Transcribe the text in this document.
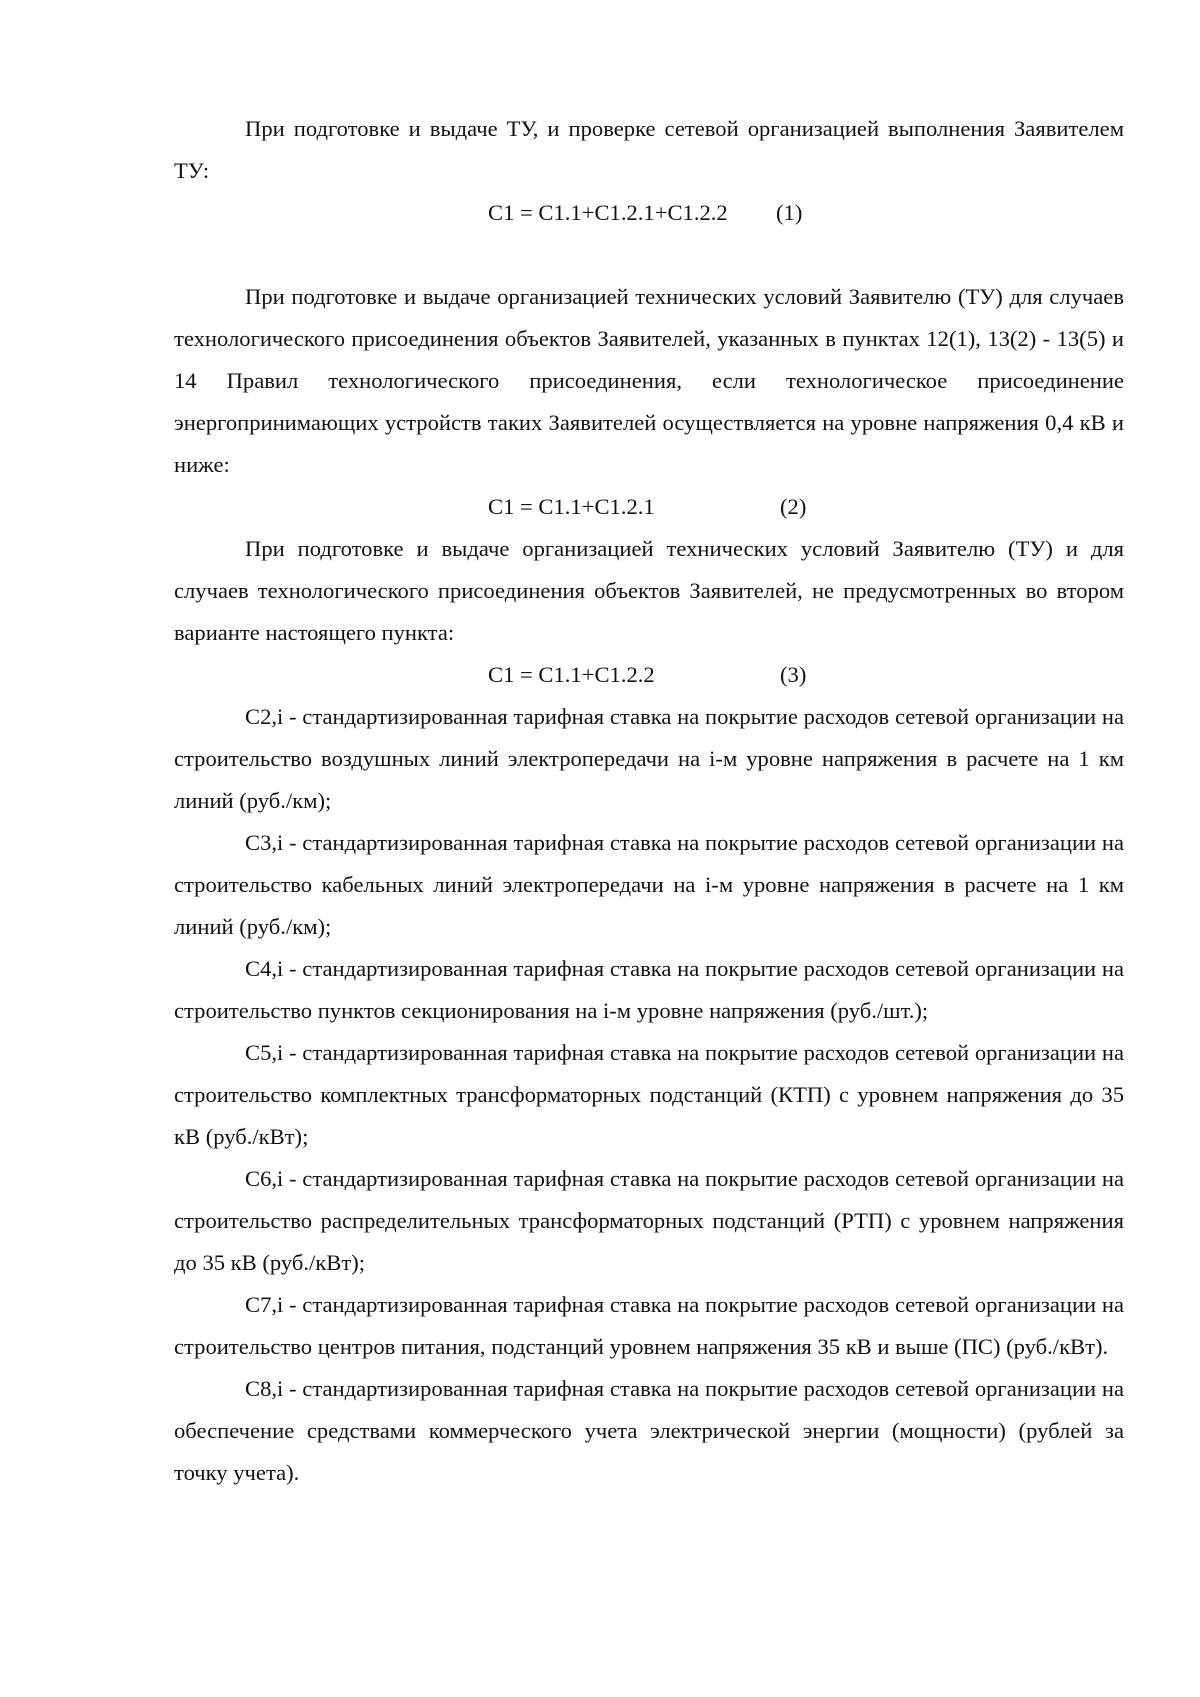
При подготовке и выдаче ТУ, и проверке сетевой организацией выполнения Заявителем ТУ:

C1 = C1.1+C1.2.1+C1.2.2 (1)

При подготовке и выдаче организацией технических условий Заявителю (ТУ) для случаев технологического присоединения объектов Заявителей, указанных в пунктах 12(1), 13(2) - 13(5) и 14 Правил технологического присоединения, если технологическое присоединение энергопринимающих устройств таких Заявителей осуществляется на уровне напряжения 0,4 кВ и ниже:

C1 = C1.1+C1.2.1	(2)

При подготовке и выдаче организацией технических условий Заявителю (ТУ) и для случаев технологического присоединения объектов Заявителей, не предусмотренных во втором варианте настоящего пункта:

C1 = C1.1+C1.2.2	(3)

C2,i - стандартизированная тарифная ставка на покрытие расходов сетевой организации на строительство воздушных линий электропередачи на i-м уровне напряжения в расчете на 1 км линий (руб./км);

C3,i - стандартизированная тарифная ставка на покрытие расходов сетевой организации на строительство кабельных линий электропередачи на i-м уровне напряжения в расчете на 1 км линий (руб./км);

C4,i - стандартизированная тарифная ставка на покрытие расходов сетевой организации на строительство пунктов секционирования на i-м уровне напряжения (руб./шт.);

C5,i - стандартизированная тарифная ставка на покрытие расходов сетевой организации на строительство комплектных трансформаторных подстанций (КТП) с уровнем напряжения до 35 кВ (руб./кВт);

C6,i - стандартизированная тарифная ставка на покрытие расходов сетевой организации на строительство распределительных трансформаторных подстанций (РТП) с уровнем напряжения до 35 кВ (руб./кВт);

C7,i - стандартизированная тарифная ставка на покрытие расходов сетевой организации на строительство центров питания, подстанций уровнем напряжения 35 кВ и выше (ПС) (руб./кВт).

C8,i - стандартизированная тарифная ставка на покрытие расходов сетевой организации на обеспечение средствами коммерческого учета электрической энергии (мощности) (рублей за точку учета).
